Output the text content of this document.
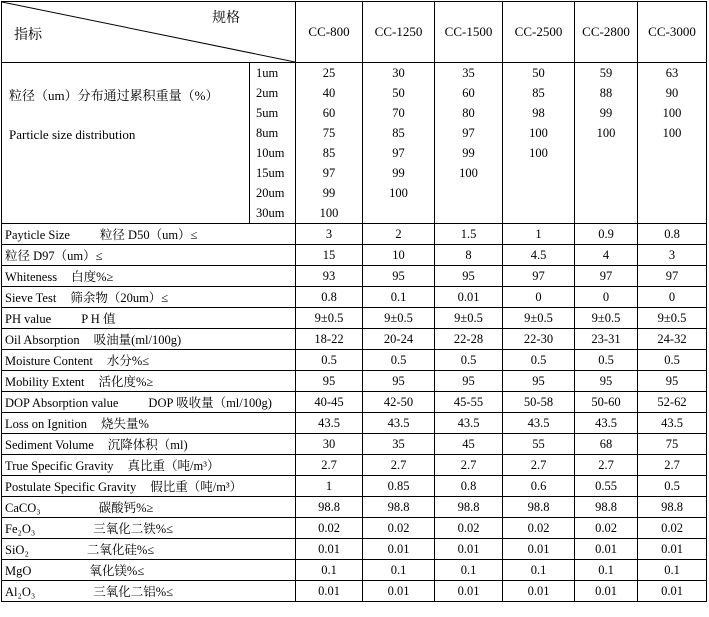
规格
指标		CC-800	CC-1250	CC-1500	CC-2500	CC-2800	CC-3000

粒径（um）分布通过累积重量（%）
Particle size distribution	1um	25	30	35	50	59	63
	2um	40	50	60	85	88	90
	5um	60	70	80	98	99	100
	8um	75	85	97	100	100	100
	10um	85	97	99	100		
	15um	97	99	100			
	20um	99	100				
	30um	100					
Payticle Size 粒径 D50（um）≤		3	2	1.5	1	0.9	0.8
粒径 D97（um）≤		15	10	8	4.5	4	3
Whiteness 白度%≥		93	95	95	97	97	97
Sieve Test 筛余物（20um）≤		0.8	0.1	0.01	0	0	0
PH value P H 值		9±0.5	9±0.5	9±0.5	9±0.5	9±0.5	9±0.5
Oil Absorption 吸油量(ml/100g)		18-22	20-24	22-28	22-30	23-31	24-32
Moisture Content 水分%≤		0.5	0.5	0.5	0.5	0.5	0.5
Mobility Extent 活化度%≥		95	95	95	95	95	95
DOP Absorption value DOP 吸收量（ml/100g)		40-45	42-50	45-55	50-58	50-60	52-62
Loss on Ignition 烧失量%		43.5	43.5	43.5	43.5	43.5	43.5
Sediment Volume 沉降体积（ml)		30	35	45	55	68	75
True Specific Gravity 真比重（吨/m³）		2.7	2.7	2.7	2.7	2.7	2.7
Postulate Specific Gravity 假比重（吨/m³）		1	0.85	0.8	0.6	0.55	0.5
CaCO₃ 碳酸钙%≥		98.8	98.8	98.8	98.8	98.8	98.8
Fe₂O₃ 三氧化二铁%≤		0.02	0.02	0.02	0.02	0.02	0.02
SiO₂ 二氧化硅%≤		0.01	0.01	0.01	0.01	0.01	0.01
MgO 氧化镁%≤		0.1	0.1	0.1	0.1	0.1	0.1
Al₂O₃ 三氧化二铝%≤		0.01	0.01	0.01	0.01	0.01	0.01
